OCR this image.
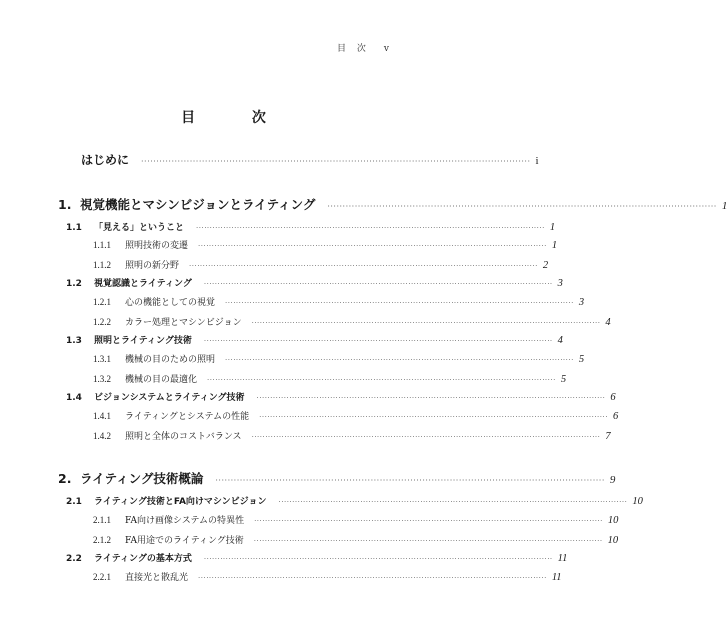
目 次 v
目 次
はじめに ································································································································ i
1. 視覚機能とマシンビジョンとライティング ································································································································ 1
1.1	「見える」ということ ································································································································ 1
1.1.1	照明技術の変遷 ································································································································ 1
1.1.2	照明の新分野 ································································································································ 2
1.2	視覚認識とライティング ································································································································ 3
1.2.1	心の機能としての視覚 ································································································································ 3
1.2.2	カラー処理とマシンビジョン ································································································································ 4
1.3	照明とライティング技術 ································································································································ 4
1.3.1	機械の目のための照明 ································································································································ 5
1.3.2	機械の目の最適化 ································································································································ 5
1.4	ビジョンシステムとライティング技術 ································································································································ 6
1.4.1	ライティングとシステムの性能 ································································································································ 6
1.4.2	照明と全体のコストバランス ································································································································ 7
2. ライティング技術概論 ································································································································ 9
2.1	ライティング技術とFA向けマシンビジョン ································································································································ 10
2.1.1	FA向け画像システムの特異性 ································································································································ 10
2.1.2	FA用途でのライティング技術 ································································································································ 10
2.2	ライティングの基本方式 ································································································································ 11
2.2.1	直接光と散乱光 ································································································································ 11
